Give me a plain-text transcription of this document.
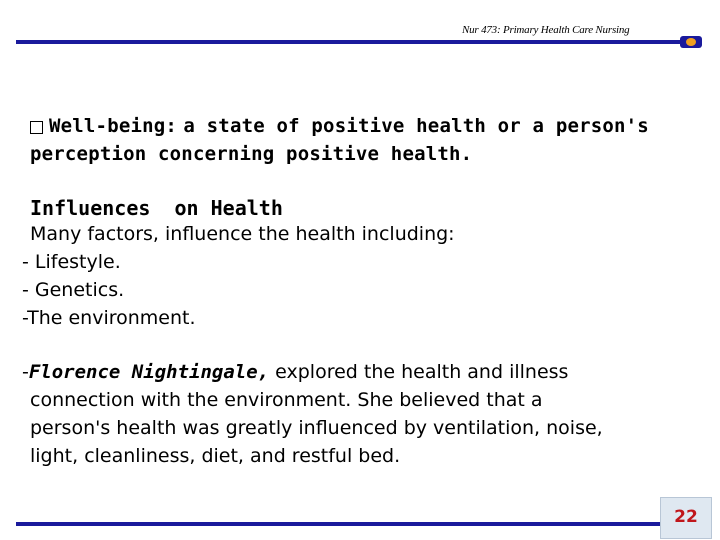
Nur 473: Primary Health Care Nursing
Well-being:
a state of positive health or a person's
perception concerning positive health.
Influences  on Health
Many factors, influence the health including:
- Lifestyle.
- Genetics.
-The environment.
-Florence Nightingale, explored the health and illness
connection with the environment. She believed that a
person's health was greatly influenced by ventilation, noise,
light, cleanliness, diet, and restful bed.
22
